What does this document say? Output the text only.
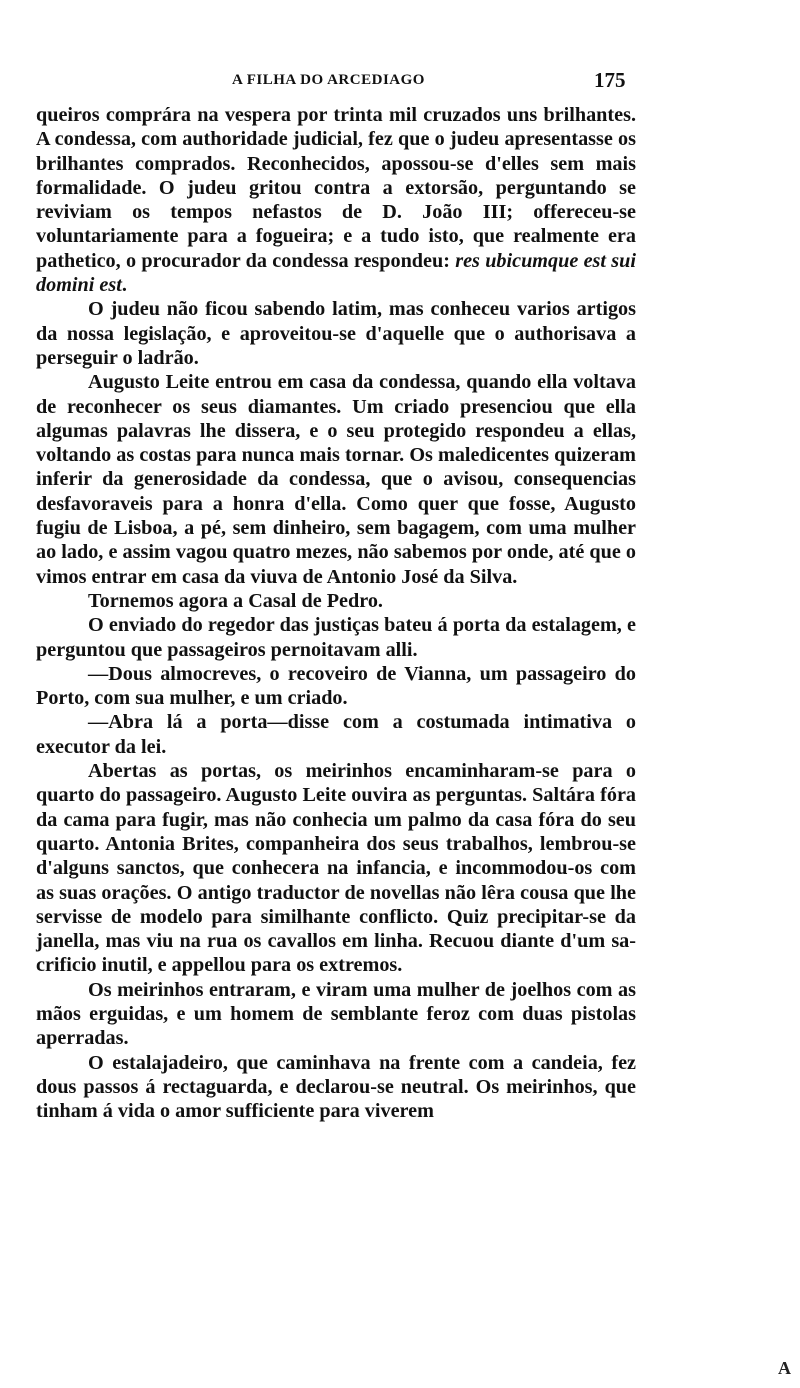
A FILHA DO ARCEDIAGO	175

queiros comprára na vespera por trinta mil cruzados uns brilhantes. A condessa, com authoridade judicial, fez que o judeu apresentasse os brilhantes comprados. Reconhecidos, apossou-se d'elles sem mais formalidade. O judeu gritou contra a extorsão, perguntando se reviviam os tempos nefastos de D. João III; offereceu-se voluntariamente para a fogueira; e a tudo isto, que realmente era pathetico, o procurador da condessa respondeu: res ubicumque est sui domini est.

O judeu não ficou sabendo latim, mas conheceu varios artigos da nossa legislação, e aproveitou-se d'aquelle que o authorisava a perseguir o ladrão.

Augusto Leite entrou em casa da condessa, quando ella voltava de reconhecer os seus diamantes. Um criado presenciou que ella algumas palavras lhe dissera, e o seu protegido respondeu a ellas, voltando as costas para nunca mais tornar. Os maledicentes quizeram inferir da generosidade da condessa, que o avisou, consequencias desfavoraveis para a honra d'ella. Como quer que fosse, Augusto fugiu de Lisboa, a pé, sem dinheiro, sem bagagem, com uma mulher ao lado, e assim vagou quatro mezes, não sabemos por onde, até que o vimos entrar em casa da viuva de Antonio José da Silva.

Tornemos agora a Casal de Pedro.

O enviado do regedor das justiças bateu á porta da estalagem, e perguntou que passageiros pernoitavam alli.

—Dous almocreves, o recoveiro de Vianna, um passageiro do Porto, com sua mulher, e um criado.

—Abra lá a porta—disse com a costumada intimativa o executor da lei.

Abertas as portas, os meirinhos encaminharam-se para o quarto do passageiro. Augusto Leite ouvira as perguntas. Saltára fóra da cama para fugir, mas não conhecia um palmo da casa fóra do seu quarto. Antonia Brites, companheira dos seus trabalhos, lembrou-se d'alguns sanctos, que conhecera na infancia, e incommodou-os com as suas orações. O antigo traductor de novellas não lêra cousa que lhe servisse de modelo para similhante conflicto. Quiz precipitar-se da janella, mas viu na rua os cavallos em linha. Recuou diante d'um sacrificio inutil, e appellou para os extremos.

Os meirinhos entraram, e viram uma mulher de joelhos com as mãos erguidas, e um homem de semblante feroz com duas pistolas aperradas.

O estalajadeiro, que caminhava na frente com a candeia, fez dous passos á rectaguarda, e declarou-se neutral. Os meirinhos, que tinham á vida o amor sufficiente para viverem

A
